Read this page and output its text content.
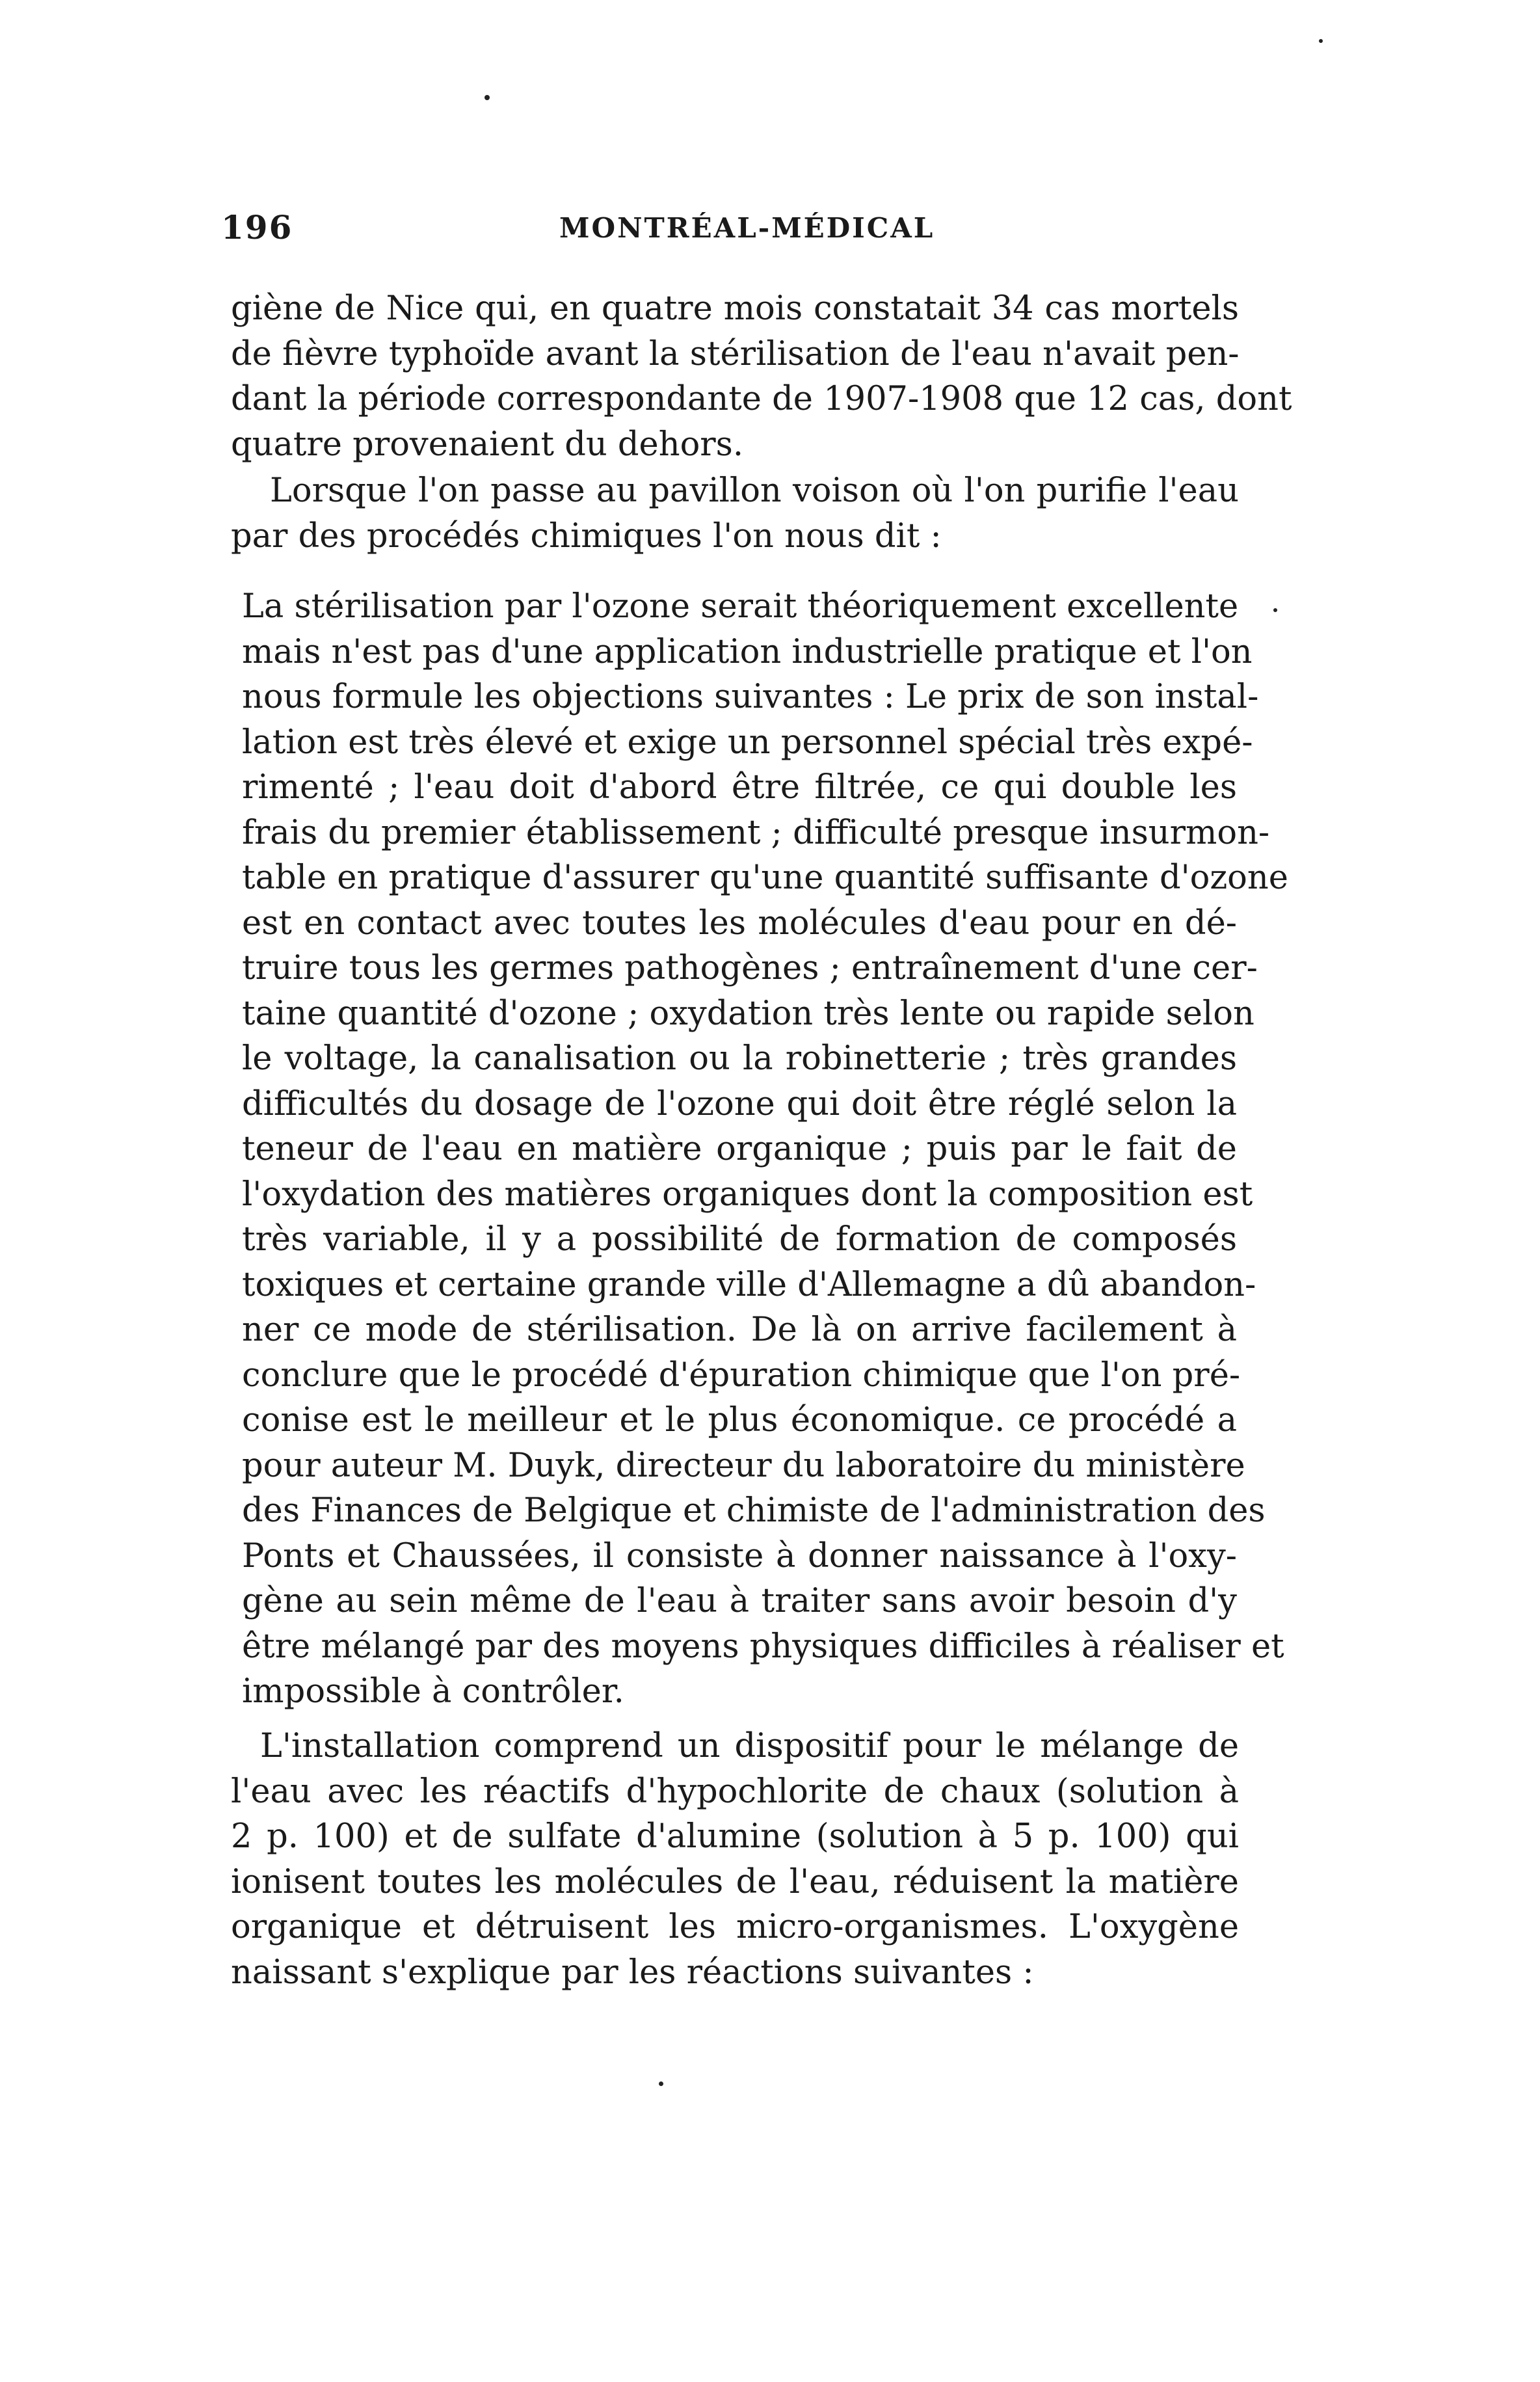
196	MONTRÉAL-MÉDICAL
giène de Nice qui, en quatre mois constatait 34 cas mortels
de fièvre typhoïde avant la stérilisation de l'eau n'avait pen-
dant la période correspondante de 1907-1908 que 12 cas, dont
quatre provenaient du dehors.
Lorsque l'on passe au pavillon voison où l'on purifie l'eau
par des procédés chimiques l'on nous dit :
La stérilisation par l'ozone serait théoriquement excellente
mais n'est pas d'une application industrielle pratique et l'on
nous formule les objections suivantes : Le prix de son instal-
lation est très élevé et exige un personnel spécial très expé-
rimenté ; l'eau doit d'abord être filtrée, ce qui double les
frais du premier établissement ; difficulté presque insurmon-
table en pratique d'assurer qu'une quantité suffisante d'ozone
est en contact avec toutes les molécules d'eau pour en dé-
truire tous les germes pathogènes ; entraînement d'une cer-
taine quantité d'ozone ; oxydation très lente ou rapide selon
le voltage, la canalisation ou la robinetterie ; très grandes
difficultés du dosage de l'ozone qui doit être réglé selon la
teneur de l'eau en matière organique ; puis par le fait de
l'oxydation des matières organiques dont la composition est
très variable, il y a possibilité de formation de composés
toxiques et certaine grande ville d'Allemagne a dû abandon-
ner ce mode de stérilisation. De là on arrive facilement à
conclure que le procédé d'épuration chimique que l'on pré-
conise est le meilleur et le plus économique. ce procédé a
pour auteur M. Duyk, directeur du laboratoire du ministère
des Finances de Belgique et chimiste de l'administration des
Ponts et Chaussées, il consiste à donner naissance à l'oxy-
gène au sein même de l'eau à traiter sans avoir besoin d'y
être mélangé par des moyens physiques difficiles à réaliser et
impossible à contrôler.
L'installation comprend un dispositif pour le mélange de
l'eau avec les réactifs d'hypochlorite de chaux (solution à
2 p. 100) et de sulfate d'alumine (solution à 5 p. 100) qui
ionisent toutes les molécules de l'eau, réduisent la matière
organique et détruisent les micro-organismes. L'oxygène
naissant s'explique par les réactions suivantes :
